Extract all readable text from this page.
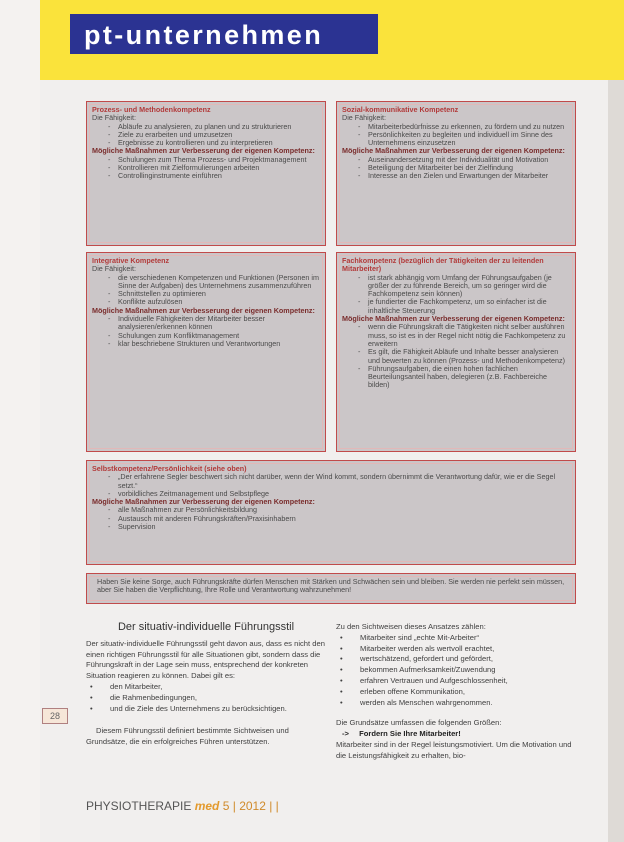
pt-unternehmen
Prozess- und Methodenkompetenz
Die Fähigkeit:
- Abläufe zu analysieren, zu planen und zu strukturieren
- Ziele zu erarbeiten und umzusetzen
- Ergebnisse zu kontrollieren und zu interpretieren
Mögliche Maßnahmen zur Verbesserung der eigenen Kompetenz:
- Schulungen zum Thema Prozess- und Projektmanagement
- Kontrollieren mit Zielformulierungen arbeiten
- Controllinginstrumente einführen
Sozial-kommunikative Kompetenz
Die Fähigkeit:
- Mitarbeiterbedürfnisse zu erkennen, zu fördern und zu nutzen
- Persönlichkeiten zu begleiten und individuell im Sinne des Unternehmens einzusetzen
Mögliche Maßnahmen zur Verbesserung der eigenen Kompetenz:
- Auseinandersetzung mit der Individualität und Motivation
- Beteiligung der Mitarbeiter bei der Zielfindung
- Interesse an den Zielen und Erwartungen der Mitarbeiter
Integrative Kompetenz
Die Fähigkeit:
- die verschiedenen Kompetenzen und Funktionen (Personen im Sinne der Aufgaben) des Unternehmens zusammenzuführen
- Schnittstellen zu optimieren
- Konflikte aufzulösen
Mögliche Maßnahmen zur Verbesserung der eigenen Kompetenz:
- Individuelle Fähigkeiten der Mitarbeiter besser analysieren/erkennen können
- Schulungen zum Konfliktmanagement
- klar beschriebene Strukturen und Verantwortungen
Fachkompetenz (bezüglich der Tätigkeiten der zu leitenden Mitarbeiter)
- ist stark abhängig vom Umfang der Führungsaufgaben (je größer der zu führende Bereich, um so geringer wird die Fachkompetenz sein können)
- je fundierter die Fachkompetenz, um so einfacher ist die inhaltliche Steuerung
Mögliche Maßnahmen zur Verbesserung der eigenen Kompetenz:
- wenn die Führungskraft die Tätigkeiten nicht selber ausführen muss, so ist es in der Regel nicht nötig die Fachkompetenz zu erweitern
- Es gilt, die Fähigkeit Abläufe und Inhalte besser analysieren und bewerten zu können (Prozess- und Methodenkompetenz)
- Führungsaufgaben, die einen hohen fachlichen Beurteilungsanteil haben, delegieren (z.B. Fachbereiche bilden)
Selbstkompetenz/Persönlichkeit (siehe oben)
- „Der erfahrene Segler beschwert sich nicht darüber, wenn der Wind kommt, sondern übernimmt die Verantwortung dafür, wie er die Segel setzt.“
- vorbildliches Zeitmanagement und Selbstpflege
Mögliche Maßnahmen zur Verbesserung der eigenen Kompetenz:
- alle Maßnahmen zur Persönlichkeitsbildung
- Austausch mit anderen Führungskräften/Praxisinhabern
- Supervision
Haben Sie keine Sorge, auch Führungskräfte dürfen Menschen mit Stärken und Schwächen sein und bleiben. Sie werden nie perfekt sein müssen, aber Sie haben die Verpflichtung, Ihre Rolle und Verantwortung wahrzunehmen!
Der situativ-individuelle Führungsstil

Der situativ-individuelle Führungsstil geht davon aus, dass es nicht den einen richtigen Führungsstil für alle Situationen gibt, sondern dass die Führungskraft in der Lage sein muss, entsprechend der konkreten Situation reagieren zu können. Dabei gilt es:

• den Mitarbeiter,
• die Rahmenbedingungen,
• und die Ziele des Unternehmens zu berücksichtigen.

Diesem Führungsstil definiert bestimmte Sichtweisen und Grundsätze, die ein erfolgreiches Führen unterstützen.

Zu den Sichtweisen dieses Ansatzes zählen:

• Mitarbeiter sind „echte Mit-Arbeiter“
• Mitarbeiter werden als wertvoll erachtet,
• wertschätzend, gefordert und gefördert,
• bekommen Aufmerksamkeit/Zuwendung
• erfahren Vertrauen und Aufgeschlossenheit,
• erleben offene Kommunikation,
• werden als Menschen wahrgenommen.

Die Grundsätze umfassen die folgenden Größen:

-> Fordern Sie Ihre Mitarbeiter!

Mitarbeiter sind in der Regel leistungsmotiviert. Um die Motivation und die Leistungsfähigkeit zu erhalten, bio-

28
PHYSIOTHERAPIE med 5 | 2012 | |
